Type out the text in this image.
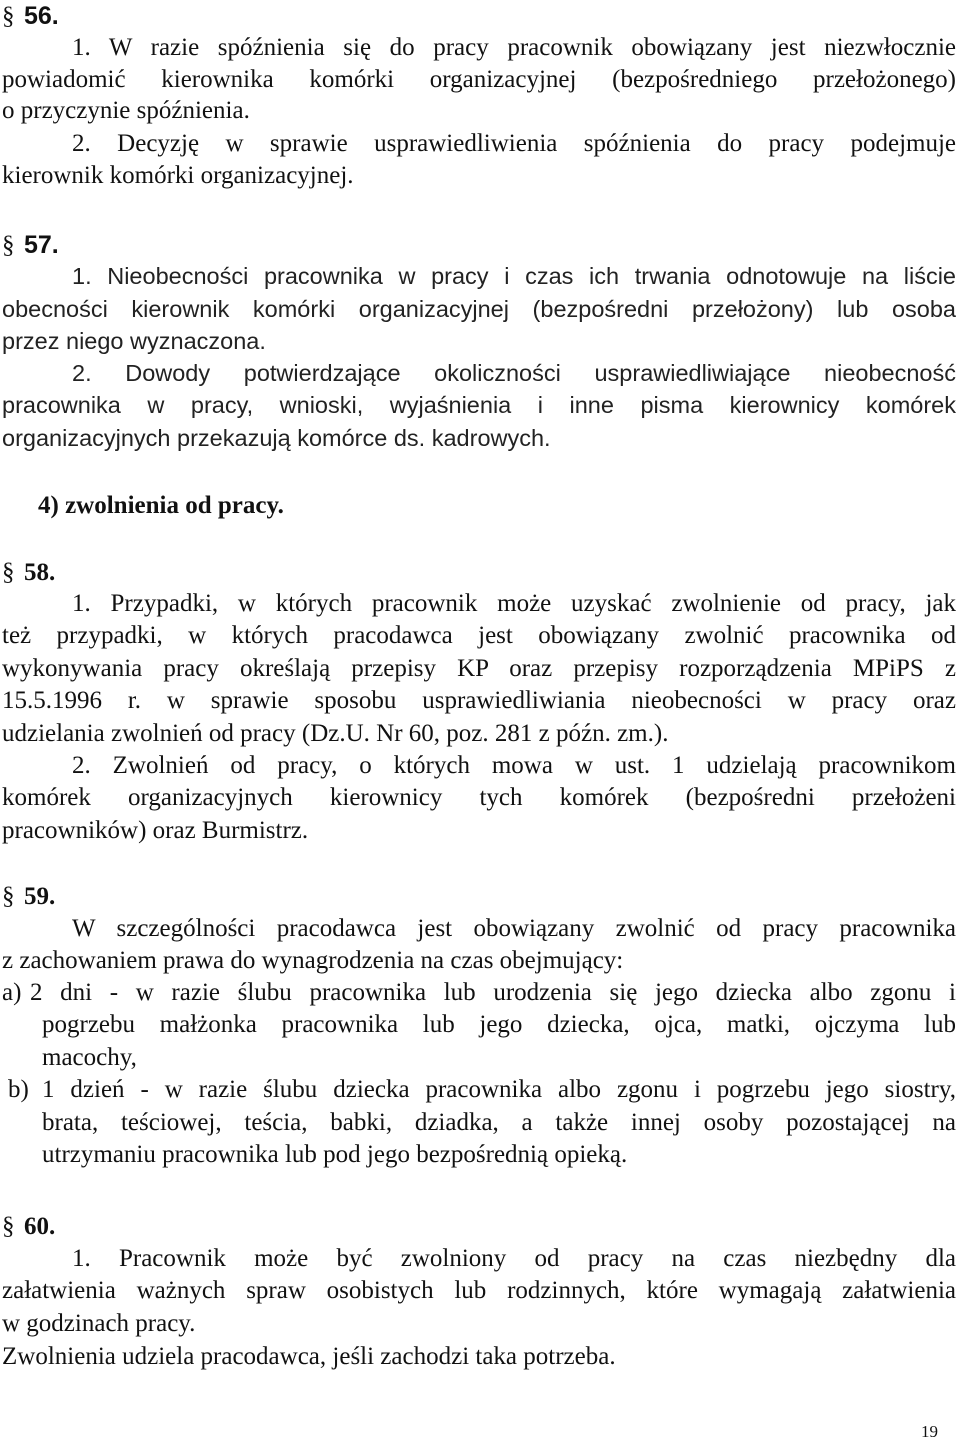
§ 56.
1. W razie spóźnienia się do pracy pracownik obowiązany jest niezwłocznie
powiadomić kierownika komórki organizacyjnej (bezpośredniego przełożonego)
o przyczynie spóźnienia.
2. Decyzję w sprawie usprawiedliwienia spóźnienia do pracy podejmuje
kierownik komórki organizacyjnej.
§ 57.
1. Nieobecności pracownika w pracy i czas ich trwania odnotowuje na liście
obecności kierownik komórki organizacyjnej (bezpośredni przełożony) lub osoba
przez niego wyznaczona.
2. Dowody potwierdzające okoliczności usprawiedliwiające nieobecność
pracownika w pracy, wnioski, wyjaśnienia i inne pisma kierownicy komórek
organizacyjnych przekazują komórce ds. kadrowych.
4) zwolnienia od pracy.
§ 58.
1. Przypadki, w których pracownik może uzyskać zwolnienie od pracy, jak
też przypadki, w których pracodawca jest obowiązany zwolnić pracownika od
wykonywania pracy określają przepisy KP oraz przepisy rozporządzenia MPiPS z
15.5.1996 r. w sprawie sposobu usprawiedliwiania nieobecności w pracy oraz
udzielania zwolnień od pracy (Dz.U. Nr 60, poz. 281 z późn. zm.).
2. Zwolnień od pracy, o których mowa w ust. 1 udzielają pracownikom
komórek organizacyjnych kierownicy tych komórek (bezpośredni przełożeni
pracowników) oraz Burmistrz.
§ 59.
W szczególności pracodawca jest obowiązany zwolnić od pracy pracownika
z zachowaniem prawa do wynagrodzenia na czas obejmujący:
a) 2 dni - w razie ślubu pracownika lub urodzenia się jego dziecka albo zgonu i
pogrzebu małżonka pracownika lub jego dziecka, ojca, matki, ojczyma lub
macochy,
b) 1 dzień - w razie ślubu dziecka pracownika albo zgonu i pogrzebu jego siostry,
brata, teściowej, teścia, babki, dziadka, a także innej osoby pozostającej na
utrzymaniu pracownika lub pod jego bezpośrednią opieką.
§ 60.
1. Pracownik może być zwolniony od pracy na czas niezbędny dla
załatwienia ważnych spraw osobistych lub rodzinnych, które wymagają załatwienia
w godzinach pracy.
Zwolnienia udziela pracodawca, jeśli zachodzi taka potrzeba.
19
